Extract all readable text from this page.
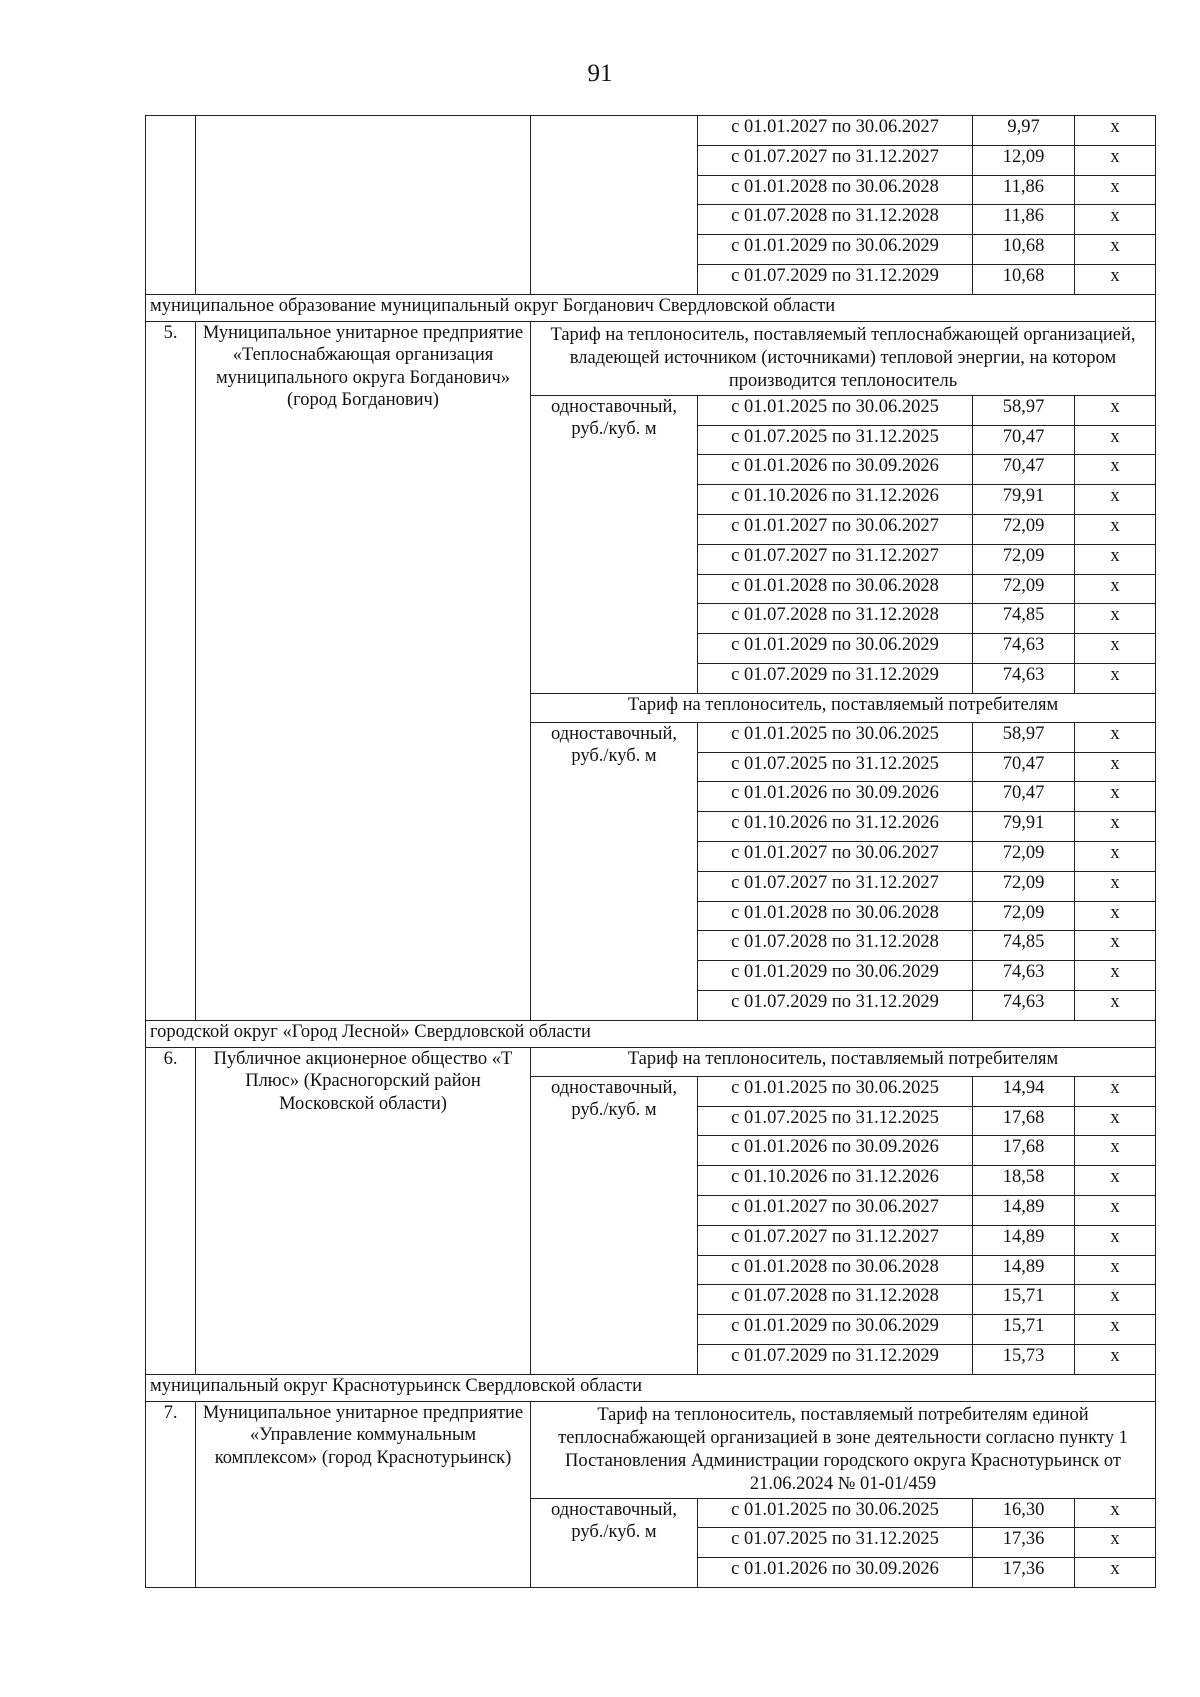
91
			с 01.01.2027 по 30.06.2027	9,97	х
			с 01.07.2027 по 31.12.2027	12,09	х
			с 01.01.2028 по 30.06.2028	11,86	х
			с 01.07.2028 по 31.12.2028	11,86	х
			с 01.01.2029 по 30.06.2029	10,68	х
			с 01.07.2029 по 31.12.2029	10,68	х
муниципальное образование муниципальный округ Богданович Свердловской области					
5.	Муниципальное унитарное предприятие «Теплоснабжающая организация муниципального округа Богданович» (город Богданович)	Тариф на теплоноситель, поставляемый теплоснабжающей организацией, владеющей источником (источниками) тепловой энергии, на котором производится теплоноситель			
		одноставочный, руб./куб. м	с 01.01.2025 по 30.06.2025	58,97	х
			с 01.07.2025 по 31.12.2025	70,47	х
			с 01.01.2026 по 30.09.2026	70,47	х
			с 01.10.2026 по 31.12.2026	79,91	х
			с 01.01.2027 по 30.06.2027	72,09	х
			с 01.07.2027 по 31.12.2027	72,09	х
			с 01.01.2028 по 30.06.2028	72,09	х
			с 01.07.2028 по 31.12.2028	74,85	х
			с 01.01.2029 по 30.06.2029	74,63	х
			с 01.07.2029 по 31.12.2029	74,63	х
		Тариф на теплоноситель, поставляемый потребителям			
		одноставочный, руб./куб. м	с 01.01.2025 по 30.06.2025	58,97	х
			с 01.07.2025 по 31.12.2025	70,47	х
			с 01.01.2026 по 30.09.2026	70,47	х
			с 01.10.2026 по 31.12.2026	79,91	х
			с 01.01.2027 по 30.06.2027	72,09	х
			с 01.07.2027 по 31.12.2027	72,09	х
			с 01.01.2028 по 30.06.2028	72,09	х
			с 01.07.2028 по 31.12.2028	74,85	х
			с 01.01.2029 по 30.06.2029	74,63	х
			с 01.07.2029 по 31.12.2029	74,63	х
городской округ «Город Лесной» Свердловской области					
6.	Публичное акционерное общество «Т Плюс» (Красногорский район Московской области)	Тариф на теплоноситель, поставляемый потребителям			
		одноставочный, руб./куб. м	с 01.01.2025 по 30.06.2025	14,94	х
			с 01.07.2025 по 31.12.2025	17,68	х
			с 01.01.2026 по 30.09.2026	17,68	х
			с 01.10.2026 по 31.12.2026	18,58	х
			с 01.01.2027 по 30.06.2027	14,89	х
			с 01.07.2027 по 31.12.2027	14,89	х
			с 01.01.2028 по 30.06.2028	14,89	х
			с 01.07.2028 по 31.12.2028	15,71	х
			с 01.01.2029 по 30.06.2029	15,71	х
			с 01.07.2029 по 31.12.2029	15,73	х
муниципальный округ Краснотурьинск Свердловской области					
7.	Муниципальное унитарное предприятие «Управление коммунальным комплексом» (город Краснотурьинск)	Тариф на теплоноситель, поставляемый потребителям единой теплоснабжающей организацией в зоне деятельности согласно пункту 1 Постановления Администрации городского округа Краснотурьинск от 21.06.2024 № 01-01/459			
		одноставочный, руб./куб. м	с 01.01.2025 по 30.06.2025	16,30	х
			с 01.07.2025 по 31.12.2025	17,36	х
			с 01.01.2026 по 30.09.2026	17,36	х
